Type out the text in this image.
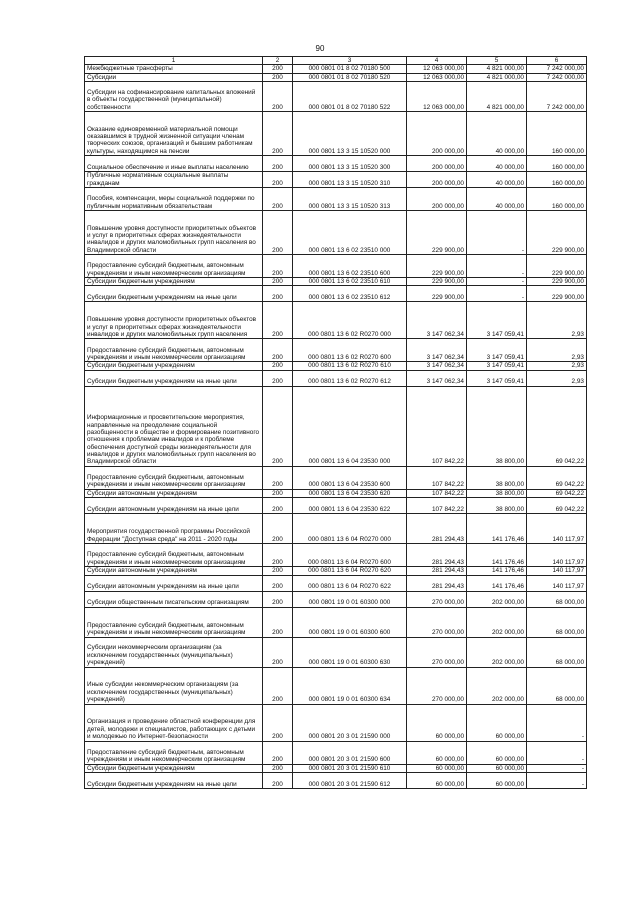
90
1	2	3	4	5	6
Межбюджетные трансферты	200	000 0801 01 8 02 70180 500	12 063 000,00	4 821 000,00	7 242 000,00
Субсидии	200	000 0801 01 8 02 70180 520	12 063 000,00	4 821 000,00	7 242 000,00
Субсидии на софинансирование капитальных вложений в объекты государственной (муниципальной) собственности	200	000 0801 01 8 02 70180 522	12 063 000,00	4 821 000,00	7 242 000,00
Оказание единовременной материальной помощи оказавшимся в трудной жизненной ситуации членам творческих союзов, организаций и бывшим работникам культуры, находящимся на пенсии	200	000 0801 13 3 15 10520 000	200 000,00	40 000,00	160 000,00
Социальное обеспечение и иные выплаты населению	200	000 0801 13 3 15 10520 300	200 000,00	40 000,00	160 000,00
Публичные нормативные социальные выплаты гражданам	200	000 0801 13 3 15 10520 310	200 000,00	40 000,00	160 000,00
Пособия, компенсации, меры социальной поддержки по публичным нормативным обязательствам	200	000 0801 13 3 15 10520 313	200 000,00	40 000,00	160 000,00
Повышение уровня доступности приоритетных объектов и услуг в приоритетных сферах жизнедеятельности инвалидов и других маломобильных групп населения во Владимирской области	200	000 0801 13 6 02 23510 000	229 900,00	-	229 900,00
Предоставление субсидий бюджетным, автономным учреждениям и иным некоммерческим организациям	200	000 0801 13 6 02 23510 600	229 900,00	-	229 900,00
Субсидии бюджетным учреждениям	200	000 0801 13 6 02 23510 610	229 900,00	-	229 900,00
Субсидии бюджетным учреждениям на иные цели	200	000 0801 13 6 02 23510 612	229 900,00	-	229 900,00
Повышение уровня доступности приоритетных объектов и услуг в приоритетных сферах жизнедеятельности инвалидов и других маломобильных групп населения	200	000 0801 13 6 02 R0270 000	3 147 062,34	3 147 059,41	2,93
Предоставление субсидий бюджетным, автономным учреждениям и иным некоммерческим организациям	200	000 0801 13 6 02 R0270 600	3 147 062,34	3 147 059,41	2,93
Субсидии бюджетным учреждениям	200	000 0801 13 6 02 R0270 610	3 147 062,34	3 147 059,41	2,93
Субсидии бюджетным учреждениям на иные цели	200	000 0801 13 6 02 R0270 612	3 147 062,34	3 147 059,41	2,93
Информационные и просветительские мероприятия, направленные на преодоление социальной разобщенности в обществе и формирование позитивного отношения к проблемам инвалидов и к проблеме обеспечения доступной среды жизнедеятельности для инвалидов и других маломобильных групп населения во Владимирской области	200	000 0801 13 6 04 23530 000	107 842,22	38 800,00	69 042,22
Предоставление субсидий бюджетным, автономным учреждениям и иным некоммерческим организациям	200	000 0801 13 6 04 23530 600	107 842,22	38 800,00	69 042,22
Субсидии автономным учреждениям	200	000 0801 13 6 04 23530 620	107 842,22	38 800,00	69 042,22
Субсидии автономным учреждениям на иные цели	200	000 0801 13 6 04 23530 622	107 842,22	38 800,00	69 042,22
Мероприятия государственной программы Российской Федерации "Доступная среда" на 2011 - 2020 годы	200	000 0801 13 6 04 R0270 000	281 294,43	141 176,46	140 117,97
Предоставление субсидий бюджетным, автономным учреждениям и иным некоммерческим организациям	200	000 0801 13 6 04 R0270 600	281 294,43	141 176,46	140 117,97
Субсидии автономным учреждениям	200	000 0801 13 6 04 R0270 620	281 294,43	141 176,46	140 117,97
Субсидии автономным учреждениям на иные цели	200	000 0801 13 6 04 R0270 622	281 294,43	141 176,46	140 117,97
Субсидии общественным писательским организациям	200	000 0801 19 0 01 60300 000	270 000,00	202 000,00	68 000,00
Предоставление субсидий бюджетным, автономным учреждениям и иным некоммерческим организациям	200	000 0801 19 0 01 60300 600	270 000,00	202 000,00	68 000,00
Субсидии некоммерческим организациям (за исключением государственных (муниципальных) учреждений)	200	000 0801 19 0 01 60300 630	270 000,00	202 000,00	68 000,00
Иные субсидии некоммерческим организациям (за исключением государственных (муниципальных) учреждений)	200	000 0801 19 0 01 60300 634	270 000,00	202 000,00	68 000,00
Организация и проведение областной конференции для детей, молодежи и специалистов, работающих с детьми и молодежью по Интернет-безопасности	200	000 0801 20 3 01 21590 000	60 000,00	60 000,00	-
Предоставление субсидий бюджетным, автономным учреждениям и иным некоммерческим организациям	200	000 0801 20 3 01 21590 600	60 000,00	60 000,00	-
Субсидии бюджетным учреждениям	200	000 0801 20 3 01 21590 610	60 000,00	60 000,00	-
Субсидии бюджетным учреждениям на иные цели	200	000 0801 20 3 01 21590 612	60 000,00	60 000,00	-
